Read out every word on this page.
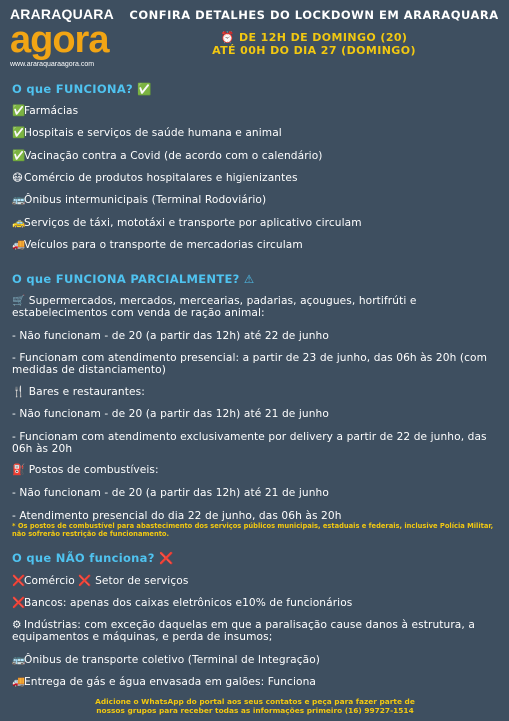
ARARAQUARA
agora
www.araraquaraagora.com
CONFIRA DETALHES DO LOCKDOWN EM ARARAQUARA
⏰ DE 12H DE DOMINGO (20)
ATÉ 00H DO DIA 27 (DOMINGO)
O que FUNCIONA? ✅
✅Farmácias
✅Hospitais e serviços de saúde humana e animal
✅Vacinação contra a Covid (de acordo com o calendário)
😷Comércio de produtos hospitalares e higienizantes
🚌Ônibus intermunicipais (Terminal Rodoviário)
🚕Serviços de táxi, mototáxi e transporte por aplicativo circulam
🚚Veículos para o transporte de mercadorias circulam
O que FUNCIONA PARCIALMENTE? ⚠
🛒 Supermercados, mercados, mercearias, padarias, açougues, hortifrúti e estabelecimentos com venda de ração animal:
- Não funcionam - de 20 (a partir das 12h) até 22 de junho
- Funcionam com atendimento presencial: a partir de 23 de junho, das 06h às 20h (com medidas de distanciamento)
🍴 Bares e restaurantes:
- Não funcionam - de 20 (a partir das 12h) até 21 de junho
- Funcionam com atendimento exclusivamente por delivery a partir de 22 de junho, das 06h às 20h
⛽ Postos de combustíveis:
- Não funcionam - de 20 (a partir das 12h) até 21 de junho
- Atendimento presencial do dia 22 de junho, das 06h às 20h
* Os postos de combustível para abastecimento dos serviços públicos municipais, estaduais e federais, inclusive Polícia Militar, não sofrerão restrição de funcionamento.
O que NÃO funciona? ❌
❌Comércio ❌ Setor de serviços
❌Bancos: apenas dos caixas eletrônicos e10% de funcionários
⚙ Indústrias: com exceção daquelas em que a paralisação cause danos à estrutura, a equipamentos e máquinas, e perda de insumos;
🚌Ônibus de transporte coletivo (Terminal de Integração)
🚚Entrega de gás e água envasada em galões: Funciona
Adicione o WhatsApp do portal aos seus contatos e peça para fazer parte de
nossos grupos para receber todas as informações primeiro (16) 99727-1514
